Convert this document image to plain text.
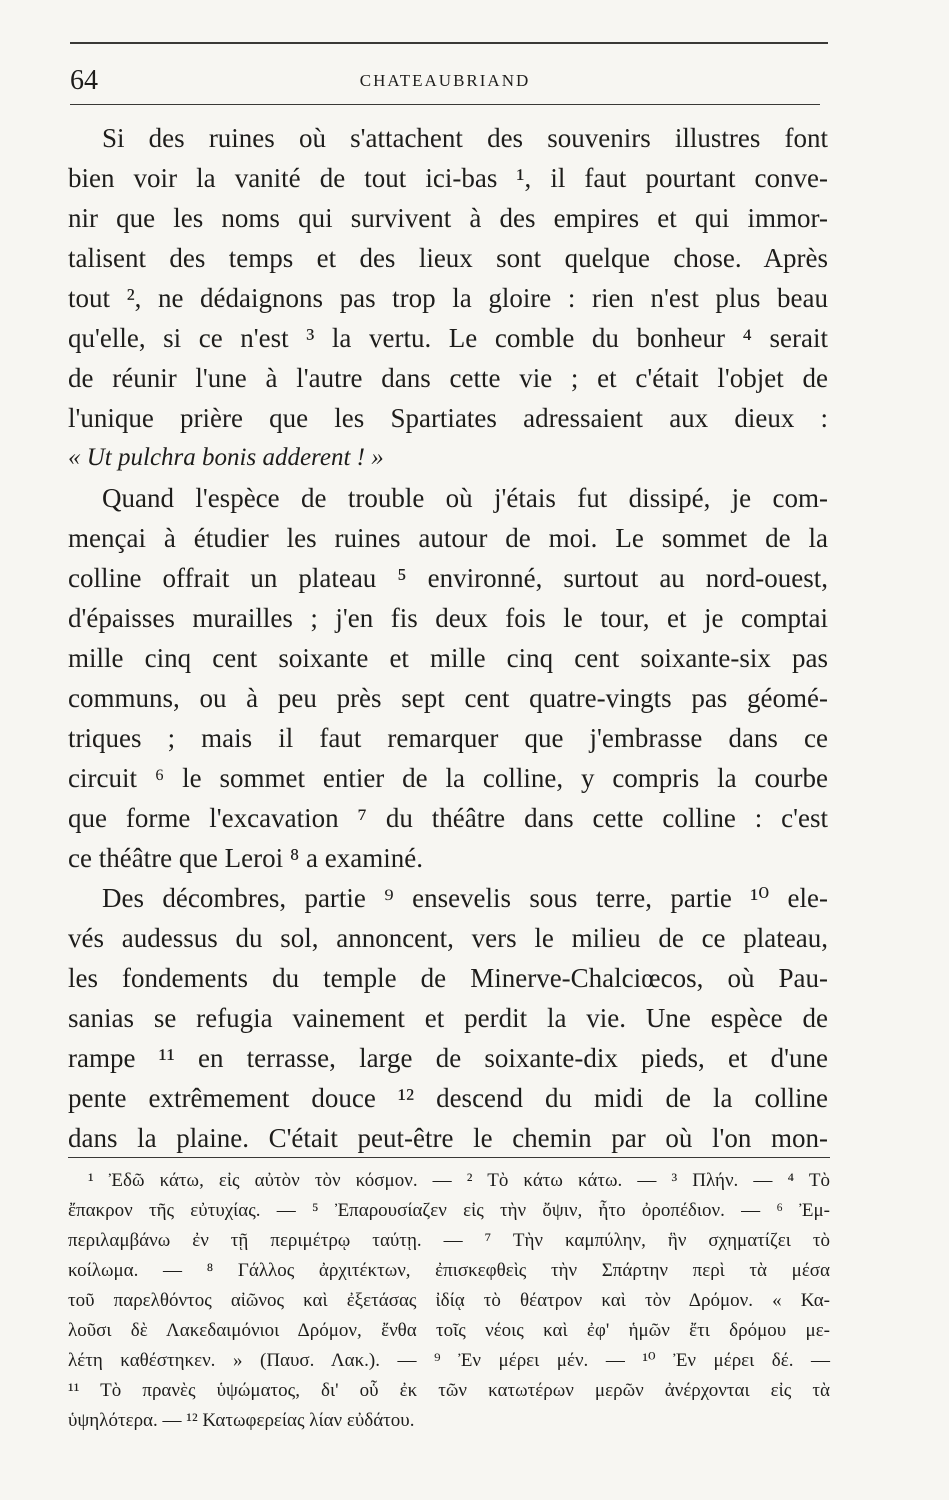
64	CHATEAUBRIAND
Si des ruines où s'attachent des souvenirs illustres font
bien voir la vanité de tout ici-bas ¹, il faut pourtant conve-
nir que les noms qui survivent à des empires et qui immor-
talisent des temps et des lieux sont quelque chose. Après
tout ², ne dédaignons pas trop la gloire : rien n'est plus beau
qu'elle, si ce n'est ³ la vertu. Le comble du bonheur ⁴ serait
de réunir l'une à l'autre dans cette vie ; et c'était l'objet de
l'unique prière que les Spartiates adressaient aux dieux :
« Ut pulchra bonis adderent ! »
Quand l'espèce de trouble où j'étais fut dissipé, je com-
mençai à étudier les ruines autour de moi. Le sommet de la
colline offrait un plateau ⁵ environné, surtout au nord-ouest,
d'épaisses murailles ; j'en fis deux fois le tour, et je comptai
mille cinq cent soixante et mille cinq cent soixante-six pas
communs, ou à peu près sept cent quatre-vingts pas géomé-
triques ; mais il faut remarquer que j'embrasse dans ce
circuit ⁶ le sommet entier de la colline, y compris la courbe
que forme l'excavation ⁷ du théâtre dans cette colline : c'est
ce théâtre que Leroi ⁸ a examiné.
Des décombres, partie ⁹ ensevelis sous terre, partie ¹⁰ ele-
vés audessus du sol, annoncent, vers le milieu de ce plateau,
les fondements du temple de Minerve-Chalciœcos, où Pau-
sanias se refugia vainement et perdit la vie. Une espèce de
rampe ¹¹ en terrasse, large de soixante-dix pieds, et d'une
pente extrêmement douce ¹² descend du midi de la colline
dans la plaine. C'était peut-être le chemin par où l'on mon-
¹ Ἐδῶ κάτω, εἰς αὐτὸν τὸν κόσμον. — ² Τὸ κάτω κάτω. — ³ Πλήν. — ⁴ Τὸ
ἔπακρον τῆς εὐτυχίας. — ⁵ Ἐπαρουσίαζεν εἰς τὴν ὄψιν, ἦτο ὀροπέδιον. — ⁶ Ἐμ-
περιλαμβάνω ἐν τῇ περιμέτρῳ ταύτῃ. — ⁷ Τὴν καμπύλην, ἣν σχηματίζει τὸ
κοίλωμα. — ⁸ Γάλλος ἀρχιτέκτων, ἐπισκεφθεὶς τὴν Σπάρτην περὶ τὰ μέσα
τοῦ παρελθόντος αἰῶνος καὶ ἐξετάσας ἰδίᾳ τὸ θέατρον καὶ τὸν Δρόμον. « Κα-
λοῦσι δὲ Λακεδαιμόνιοι Δρόμον, ἔνθα τοῖς νέοις καὶ ἐφ' ἡμῶν ἔτι δρόμου με-
λέτη καθέστηκεν. » (Παυσ. Λακ.). — ⁹ Ἐν μέρει μέν. — ¹⁰ Ἐν μέρει δέ. —
¹¹ Τὸ πρανὲς ὑψώματος, δι' οὗ ἐκ τῶν κατωτέρων μερῶν ἀνέρχονται εἰς τὰ
ὑψηλότερα. — ¹² Κατωφερείας λίαν εὐδάτου.
